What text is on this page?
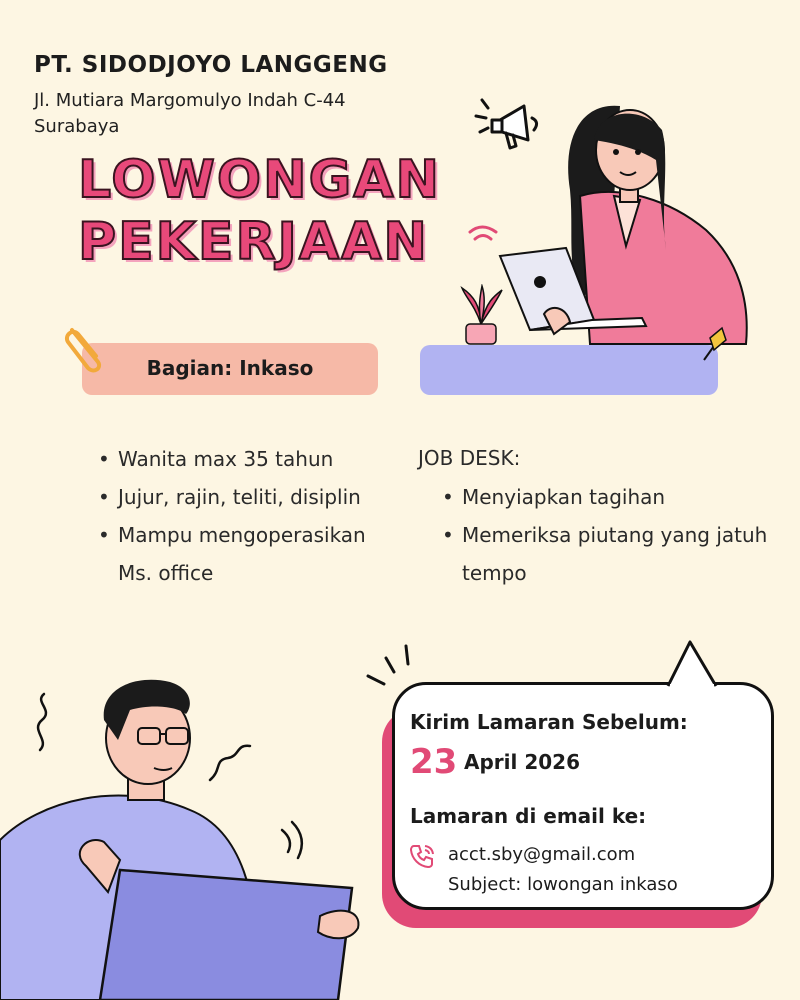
PT. SIDODJOYO LANGGENG
Jl. Mutiara Margomulyo Indah C-44
Surabaya
LOWONGAN
PEKERJAAN
Bagian: Inkaso
• Wanita max 35 tahun
• Jujur, rajin, teliti, disiplin
• Mampu mengoperasikan Ms. office
JOB DESK:
• Menyiapkan tagihan
• Memeriksa piutang yang jatuh tempo
Kirim Lamaran Sebelum:
23 April 2026
Lamaran di email ke:
acct.sby@gmail.com
Subject: lowongan inkaso
